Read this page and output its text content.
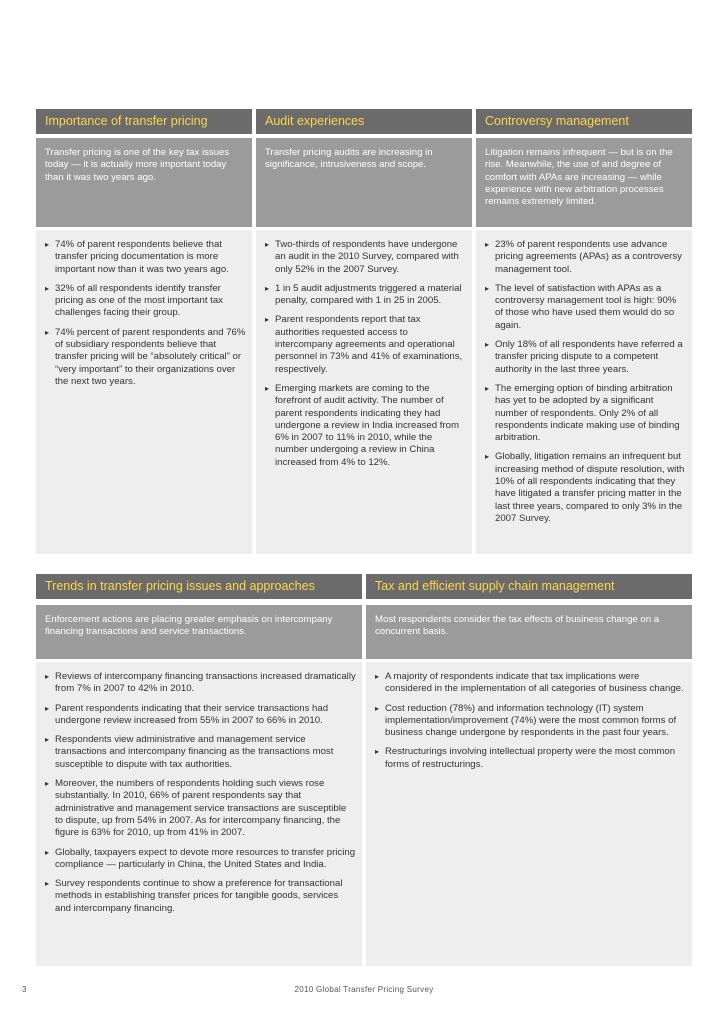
Importance of transfer pricing
Transfer pricing is one of the key tax issues today — it is actually more important today than it was two years ago.
▸ 74% of parent respondents believe that transfer pricing documentation is more important now than it was two years ago.
▸ 32% of all respondents identify transfer pricing as one of the most important tax challenges facing their group.
▸ 74% percent of parent respondents and 76% of subsidiary respondents believe that transfer pricing will be “absolutely critical” or “very important” to their organizations over the next two years.
Audit experiences
Transfer pricing audits are increasing in significance, intrusiveness and scope.
▸ Two-thirds of respondents have undergone an audit in the 2010 Survey, compared with only 52% in the 2007 Survey.
▸ 1 in 5 audit adjustments triggered a material penalty, compared with 1 in 25 in 2005.
▸ Parent respondents report that tax authorities requested access to intercompany agreements and operational personnel in 73% and 41% of examinations, respectively.
▸ Emerging markets are coming to the forefront of audit activity. The number of parent respondents indicating they had undergone a review in India increased from 6% in 2007 to 11% in 2010, while the number undergoing a review in China increased from 4% to 12%.
Controversy management
Litigation remains infrequent — but is on the rise. Meanwhile, the use of and degree of comfort with APAs are increasing — while experience with new arbitration processes remains extremely limited.
▸ 23% of parent respondents use advance pricing agreements (APAs) as a controversy management tool.
▸ The level of satisfaction with APAs as a controversy management tool is high: 90% of those who have used them would do so again.
▸ Only 18% of all respondents have referred a transfer pricing dispute to a competent authority in the last three years.
▸ The emerging option of binding arbitration has yet to be adopted by a significant number of respondents. Only 2% of all respondents indicate making use of binding arbitration.
▸ Globally, litigation remains an infrequent but increasing method of dispute resolution, with 10% of all respondents indicating that they have litigated a transfer pricing matter in the last three years, compared to only 3% in the 2007 Survey.
Trends in transfer pricing issues and approaches
Enforcement actions are placing greater emphasis on intercompany financing transactions and service transactions.
▸ Reviews of intercompany financing transactions increased dramatically from 7% in 2007 to 42% in 2010.
▸ Parent respondents indicating that their service transactions had undergone review increased from 55% in 2007 to 66% in 2010.
▸ Respondents view administrative and management service transactions and intercompany financing as the transactions most susceptible to dispute with tax authorities.
▸ Moreover, the numbers of respondents holding such views rose substantially. In 2010, 66% of parent respondents say that administrative and management service transactions are susceptible to dispute, up from 54% in 2007. As for intercompany financing, the figure is 63% for 2010, up from 41% in 2007.
▸ Globally, taxpayers expect to devote more resources to transfer pricing compliance — particularly in China, the United States and India.
▸ Survey respondents continue to show a preference for transactional methods in establishing transfer prices for tangible goods, services and intercompany financing.
Tax and efficient supply chain management
Most respondents consider the tax effects of business change on a concurrent basis.
▸ A majority of respondents indicate that tax implications were considered in the implementation of all categories of business change.
▸ Cost reduction (78%) and information technology (IT) system implementation/improvement (74%) were the most common forms of business change undergone by respondents in the past four years.
▸ Restructurings involving intellectual property were the most common forms of restructurings.
3	2010 Global Transfer Pricing Survey
